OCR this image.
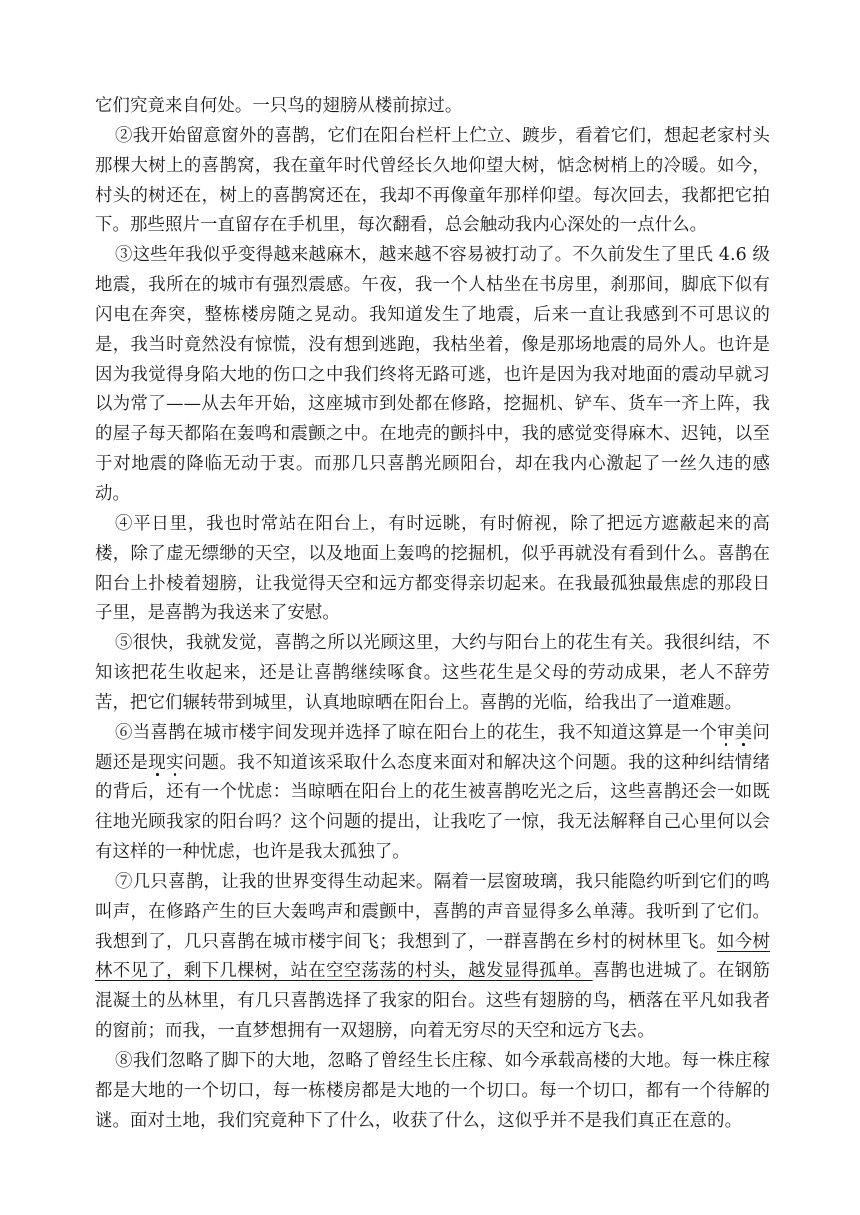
它们究竟来自何处。一只鸟的翅膀从楼前掠过。

②我开始留意窗外的喜鹊，它们在阳台栏杆上伫立、踱步，看着它们，想起老家村头那棵大树上的喜鹊窝，我在童年时代曾经长久地仰望大树，惦念树梢上的冷暖。如今，村头的树还在，树上的喜鹊窝还在，我却不再像童年那样仰望。每次回去，我都把它拍下。那些照片一直留存在手机里，每次翻看，总会触动我内心深处的一点什么。

③这些年我似乎变得越来越麻木，越来越不容易被打动了。不久前发生了里氏 4.6 级地震，我所在的城市有强烈震感。午夜，我一个人枯坐在书房里，刹那间，脚底下似有闪电在奔突，整栋楼房随之晃动。我知道发生了地震，后来一直让我感到不可思议的是，我当时竟然没有惊慌，没有想到逃跑，我枯坐着，像是那场地震的局外人。也许是因为我觉得身陷大地的伤口之中我们终将无路可逃，也许是因为我对地面的震动早就习以为常了——从去年开始，这座城市到处都在修路，挖掘机、铲车、货车一齐上阵，我的屋子每天都陷在轰鸣和震颤之中。在地壳的颤抖中，我的感觉变得麻木、迟钝，以至于对地震的降临无动于衷。而那几只喜鹊光顾阳台，却在我内心激起了一丝久违的感动。

④平日里，我也时常站在阳台上，有时远眺，有时俯视，除了把远方遮蔽起来的高楼，除了虚无缥缈的天空，以及地面上轰鸣的挖掘机，似乎再就没有看到什么。喜鹊在阳台上扑棱着翅膀，让我觉得天空和远方都变得亲切起来。在我最孤独最焦虑的那段日子里，是喜鹊为我送来了安慰。

⑤很快，我就发觉，喜鹊之所以光顾这里，大约与阳台上的花生有关。我很纠结，不知该把花生收起来，还是让喜鹊继续啄食。这些花生是父母的劳动成果，老人不辞劳苦，把它们辗转带到城里，认真地晾晒在阳台上。喜鹊的光临，给我出了一道难题。

⑥当喜鹊在城市楼宇间发现并选择了晾在阳台上的花生，我不知道这算是一个审美问题还是现实问题。我不知道该采取什么态度来面对和解决这个问题。我的这种纠结情绪的背后，还有一个忧虑：当晾晒在阳台上的花生被喜鹊吃光之后，这些喜鹊还会一如既往地光顾我家的阳台吗？这个问题的提出，让我吃了一惊，我无法解释自己心里何以会有这样的一种忧虑，也许是我太孤独了。

⑦几只喜鹊，让我的世界变得生动起来。隔着一层窗玻璃，我只能隐约听到它们的鸣叫声，在修路产生的巨大轰鸣声和震颤中，喜鹊的声音显得多么单薄。我听到了它们。我想到了，几只喜鹊在城市楼宇间飞；我想到了，一群喜鹊在乡村的树林里飞。如今树林不见了，剩下几棵树，站在空空荡荡的村头，越发显得孤单。喜鹊也进城了。在钢筋混凝土的丛林里，有几只喜鹊选择了我家的阳台。这些有翅膀的鸟，栖落在平凡如我者的窗前；而我，一直梦想拥有一双翅膀，向着无穷尽的天空和远方飞去。

⑧我们忽略了脚下的大地，忽略了曾经生长庄稼、如今承载高楼的大地。每一株庄稼都是大地的一个切口，每一栋楼房都是大地的一个切口。每一个切口，都有一个待解的谜。面对土地，我们究竟种下了什么，收获了什么，这似乎并不是我们真正在意的。
